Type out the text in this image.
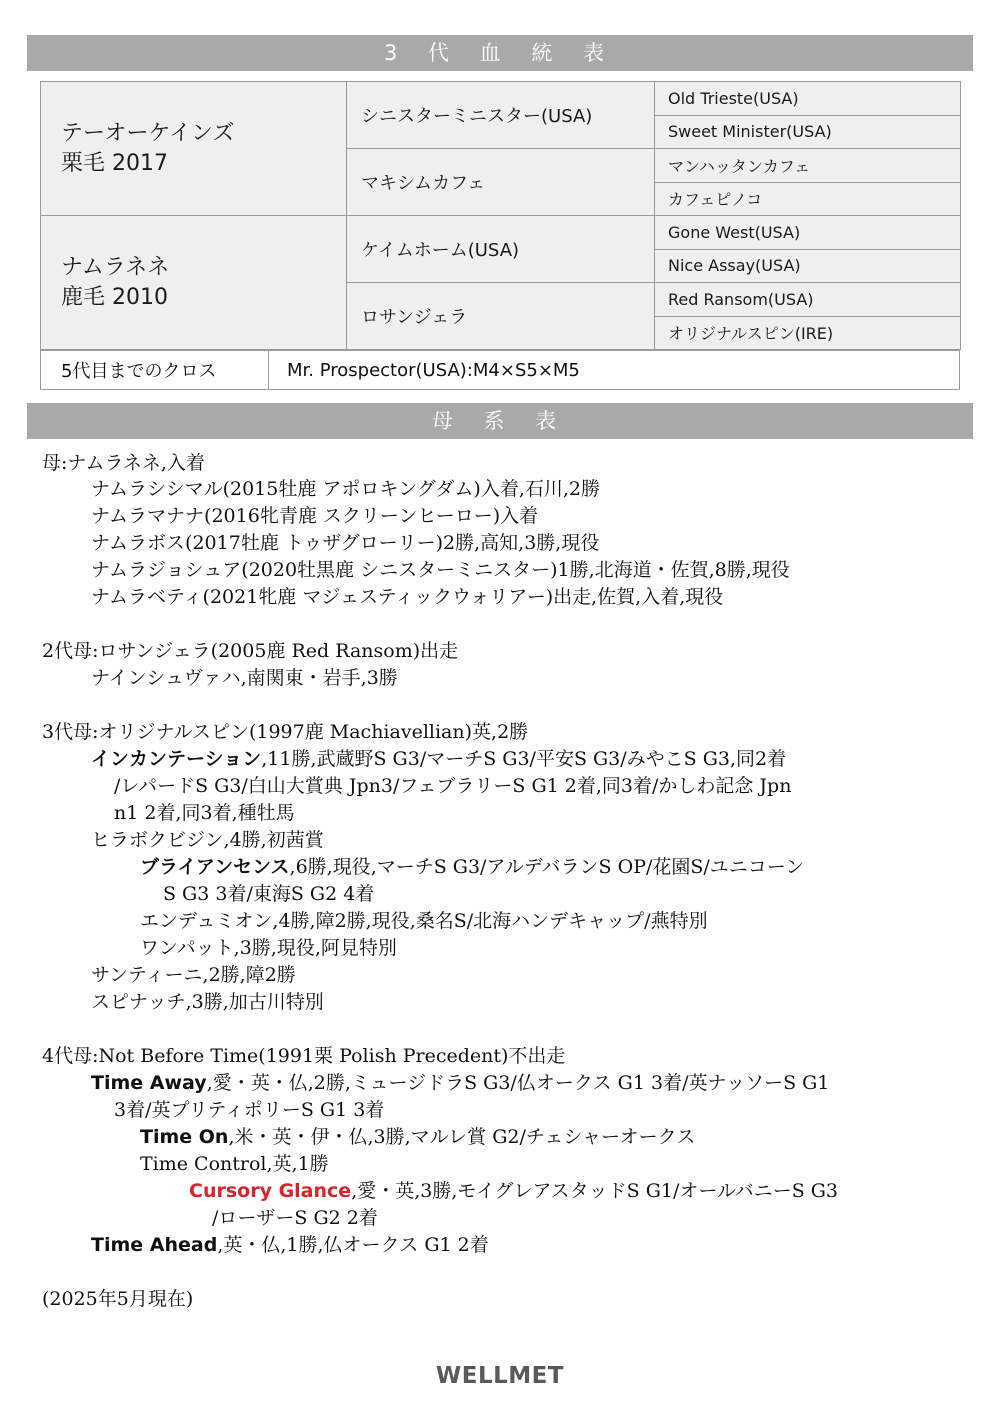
3 代 血 統 表
テーオーケインズ
栗毛 2017	シニスターミニスター(USA)	Old Trieste(USA)
		Sweet Minister(USA)
	マキシムカフェ	マンハッタンカフェ
		カフェピノコ

ナムラネネ
鹿毛 2010	ケイムホーム(USA)	Gone West(USA)
		Nice Assay(USA)
	ロサンジェラ	Red Ransom(USA)
		オリジナルスピン(IRE)
5代目までのクロス	Mr. Prospector(USA):M4×S5×M5
母 系 表
母:ナムラネネ,入着
ナムラシシマル(2015牡鹿 アポロキングダム)入着,石川,2勝
ナムラマナナ(2016牝青鹿 スクリーンヒーロー)入着
ナムラボス(2017牡鹿 トゥザグローリー)2勝,高知,3勝,現役
ナムラジョシュア(2020牡黒鹿 シニスターミニスター)1勝,北海道・佐賀,8勝,現役
ナムラベティ(2021牝鹿 マジェスティックウォリアー)出走,佐賀,入着,現役
2代母:ロサンジェラ(2005鹿 Red Ransom)出走
ナインシュヴァハ,南関東・岩手,3勝
3代母:オリジナルスピン(1997鹿 Machiavellian)英,2勝
インカンテーション,11勝,武蔵野S G3/マーチS G3/平安S G3/みやこS G3,同2着
/レパードS G3/白山大賞典 Jpn3/フェブラリーS G1 2着,同3着/かしわ記念 Jpn
n1 2着,同3着,種牡馬
ヒラボクビジン,4勝,初茜賞
ブライアンセンス,6勝,現役,マーチS G3/アルデバランS OP/花園S/ユニコーン
S G3 3着/東海S G2 4着
エンデュミオン,4勝,障2勝,現役,桑名S/北海ハンデキャップ/燕特別
ワンパット,3勝,現役,阿見特別
サンティーニ,2勝,障2勝
スピナッチ,3勝,加古川特別
4代母:Not Before Time(1991栗 Polish Precedent)不出走
Time Away,愛・英・仏,2勝,ミュージドラS G3/仏オークス G1 3着/英ナッソーS G1
3着/英プリティポリーS G1 3着
Time On,米・英・伊・仏,3勝,マルレ賞 G2/チェシャーオークス
Time Control,英,1勝
Cursory Glance,愛・英,3勝,モイグレアスタッドS G1/オールバニーS G3
/ローザーS G2 2着
Time Ahead,英・仏,1勝,仏オークス G1 2着
(2025年5月現在)
WELLMET
